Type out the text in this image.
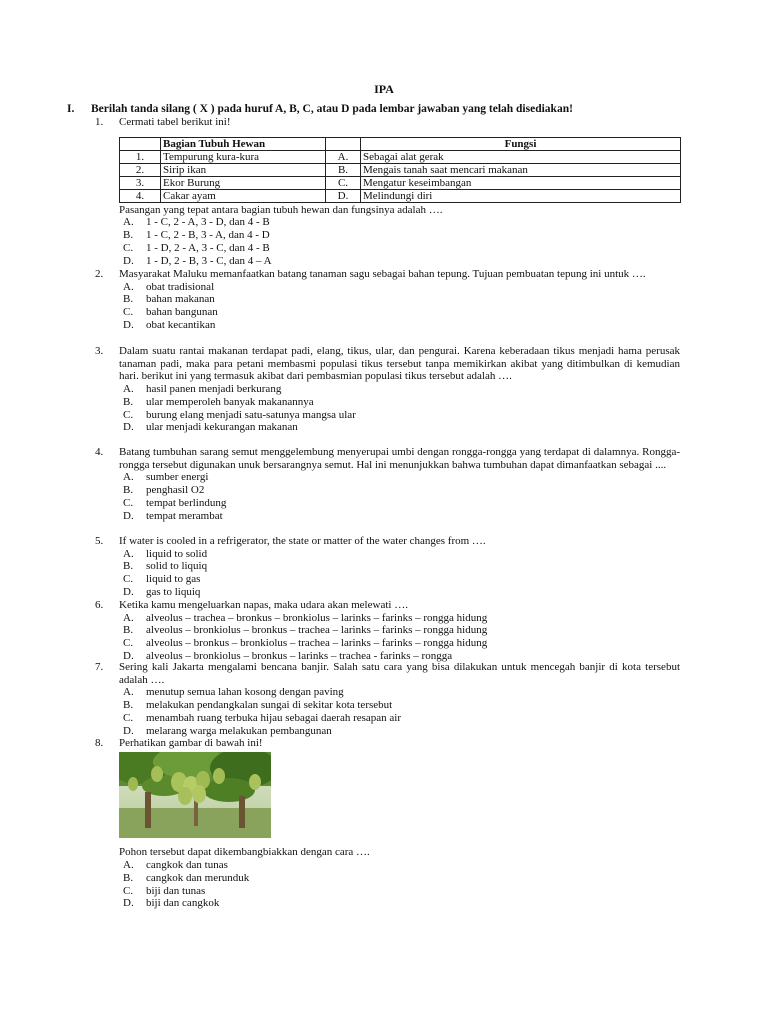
IPA
I. Berilah tanda silang ( X ) pada huruf A, B, C, atau D pada lembar jawaban yang telah disediakan!
1. Cermati tabel berikut ini!
	Bagian Tubuh Hewan		Fungsi
1.	Tempurung kura-kura	A.	Sebagai alat gerak
2.	Sirip ikan	B.	Mengais tanah saat mencari makanan
3.	Ekor Burung	C.	Mengatur keseimbangan
4.	Cakar ayam	D.	Melindungi diri
Pasangan yang tepat antara bagian tubuh hewan dan fungsinya adalah ….
A. 1 - C, 2 - A, 3 - D, dan 4 - B
B. 1 - C, 2 - B, 3 - A, dan 4 - D
C. 1 - D, 2 - A, 3 - C, dan 4 - B
D. 1 - D, 2 - B, 3 - C, dan 4 – A
2. Masyarakat Maluku memanfaatkan batang tanaman sagu sebagai bahan tepung. Tujuan pembuatan tepung ini untuk ….
A. obat tradisional
B. bahan makanan
C. bahan bangunan
D. obat kecantikan
3. Dalam suatu rantai makanan terdapat padi, elang, tikus, ular, dan pengurai. Karena keberadaan tikus menjadi hama perusak tanaman padi, maka para petani membasmi populasi tikus tersebut tanpa memikirkan akibat yang ditimbulkan di kemudian hari. berikut ini yang termasuk akibat dari pembasmian populasi tikus tersebut adalah ….
A. hasil panen menjadi berkurang
B. ular memperoleh banyak makanannya
C. burung elang menjadi satu-satunya mangsa ular
D. ular menjadi kekurangan makanan
4. Batang tumbuhan sarang semut menggelembung menyerupai umbi dengan rongga-rongga yang terdapat di dalamnya. Rongga-rongga tersebut digunakan unuk bersarangnya semut. Hal ini menunjukkan bahwa tumbuhan dapat dimanfaatkan sebagai ....
A. sumber energi
B. penghasil O2
C. tempat berlindung
D. tempat merambat
5. If water is cooled in a refrigerator, the state or matter of the water changes from ….
A. liquid to solid
B. solid to liquiq
C. liquid to gas
D. gas to liquiq
6. Ketika kamu mengeluarkan napas, maka udara akan melewati ….
A. alveolus – trachea – bronkus – bronkiolus – larinks – farinks – rongga hidung
B. alveolus – bronkiolus – bronkus – trachea – larinks – farinks – rongga hidung
C. alveolus – bronkus – bronkiolus – trachea – larinks – farinks – rongga hidung
D. alveolus – bronkiolus – bronkus – larinks – trachea - farinks – rongga
7. Sering kali Jakarta mengalami bencana banjir. Salah satu cara yang bisa dilakukan untuk mencegah banjir di kota tersebut adalah ….
A. menutup semua lahan kosong dengan paving
B. melakukan pendangkalan sungai di sekitar kota tersebut
C. menambah ruang terbuka hijau sebagai daerah resapan air
D. melarang warga melakukan pembangunan
8. Perhatikan gambar di bawah ini!
Pohon tersebut dapat dikembangbiakkan dengan cara ….
A. cangkok dan tunas
B. cangkok dan merunduk
C. biji dan tunas
D. biji dan cangkok
